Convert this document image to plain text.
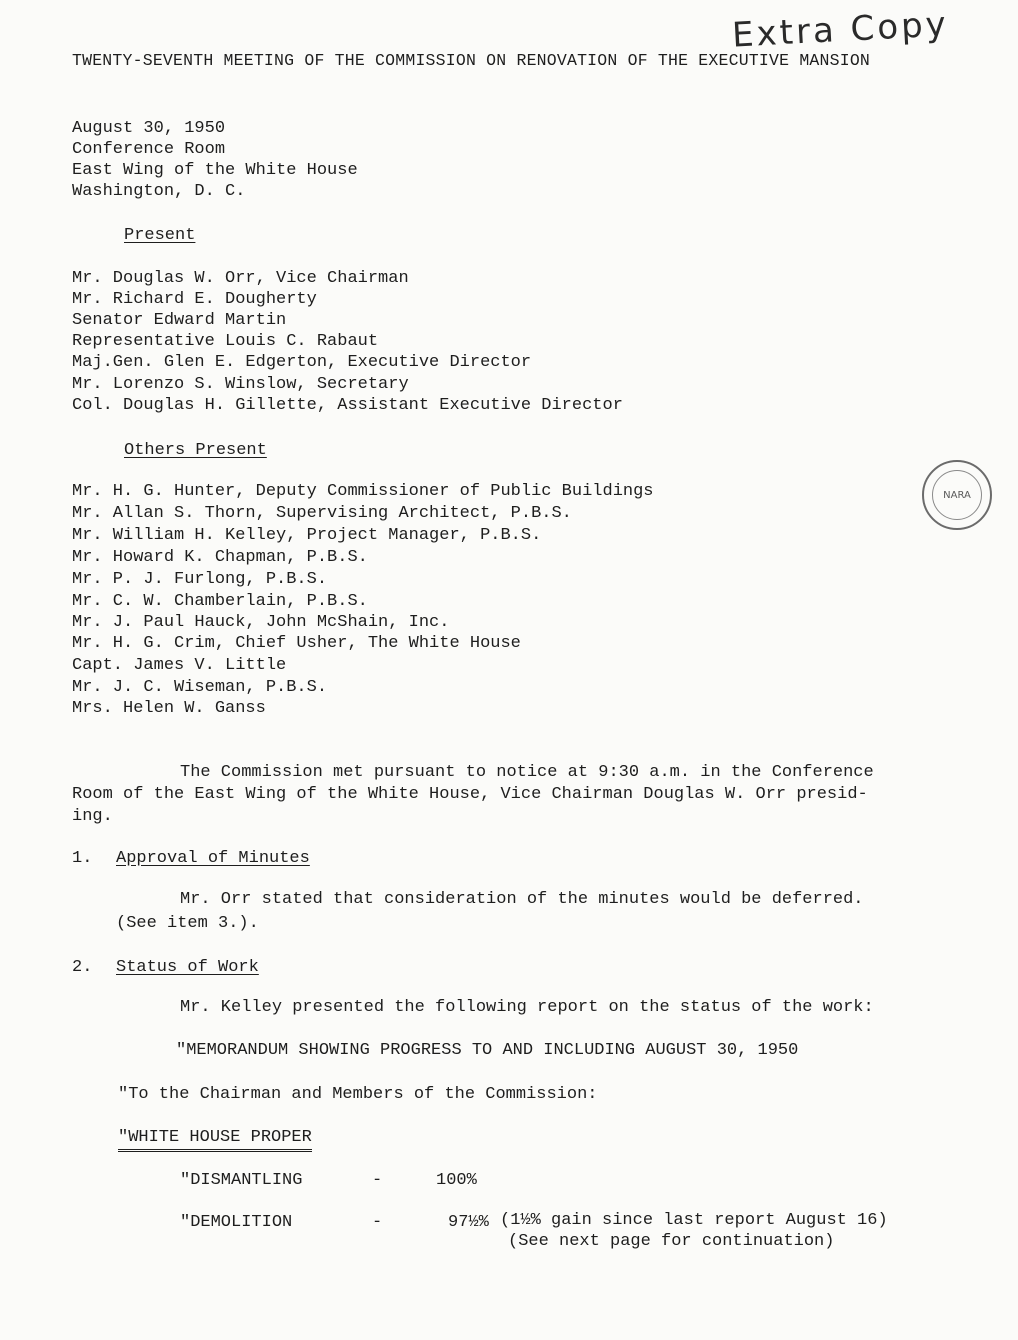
Extra Copy
TWENTY-SEVENTH MEETING OF THE COMMISSION ON RENOVATION OF THE EXECUTIVE MANSION
August 30, 1950
Conference Room
East Wing of the White House
Washington, D. C.
Present
Mr. Douglas W. Orr, Vice Chairman
Mr. Richard E. Dougherty
Senator Edward Martin
Representative Louis C. Rabaut
Maj.Gen. Glen E. Edgerton, Executive Director
Mr. Lorenzo S. Winslow, Secretary
Col. Douglas H. Gillette, Assistant Executive Director
Others Present
Mr. H. G. Hunter, Deputy Commissioner of Public Buildings
Mr. Allan S. Thorn, Supervising Architect, P.B.S.
Mr. William H. Kelley, Project Manager, P.B.S.
Mr. Howard K. Chapman, P.B.S.
Mr. P. J. Furlong, P.B.S.
Mr. C. W. Chamberlain, P.B.S.
Mr. J. Paul Hauck, John McShain, Inc.
Mr. H. G. Crim, Chief Usher, The White House
Capt. James V. Little
Mr. J. C. Wiseman, P.B.S.
Mrs. Helen W. Ganss
The Commission met pursuant to notice at 9:30 a.m. in the Conference
Room of the East Wing of the White House, Vice Chairman Douglas W. Orr presid-
ing.
1. Approval of Minutes
Mr. Orr stated that consideration of the minutes would be deferred.
(See item 3.).
2. Status of Work
Mr. Kelley presented the following report on the status of the work:
"MEMORANDUM SHOWING PROGRESS TO AND INCLUDING AUGUST 30, 1950
"To the Chairman and Members of the Commission:
"WHITE HOUSE PROPER
"DISMANTLING	-	100%
"DEMOLITION	-	97½% (1½% gain since last report August 16)
(See next page for continuation)
NARA
